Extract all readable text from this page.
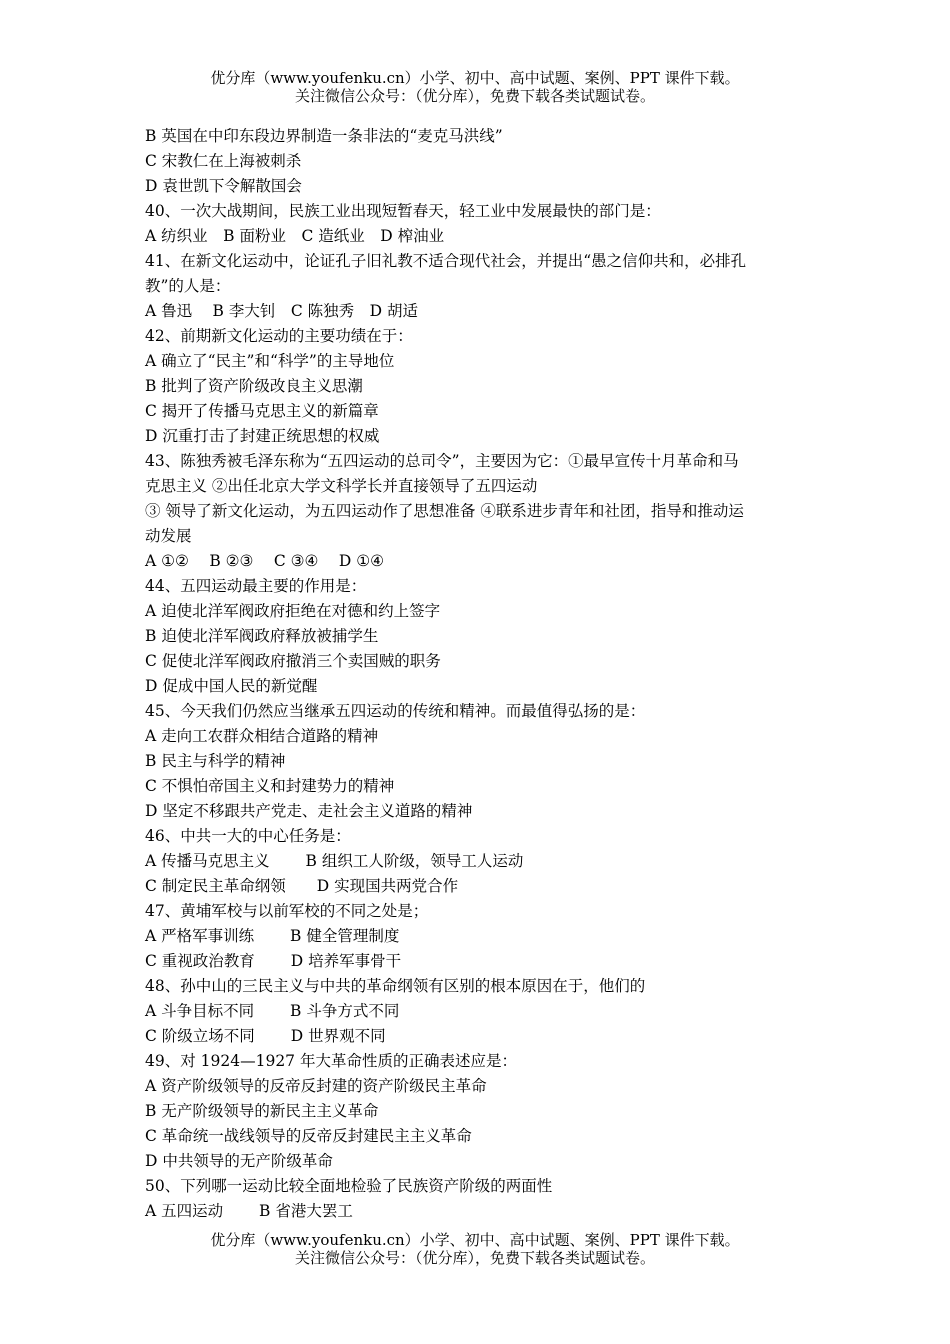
优分库（www.youfenku.cn）小学、初中、高中试题、案例、PPT 课件下载。
关注微信公众号：（优分库），免费下载各类试题试卷。
B 英国在中印东段边界制造一条非法的“麦克马洪线”
C 宋教仁在上海被刺杀
D 袁世凯下令解散国会
40、一次大战期间，民族工业出现短暂春天，轻工业中发展最快的部门是：
A 纺织业　B 面粉业　C 造纸业　D 榨油业
41、在新文化运动中，论证孔子旧礼教不适合现代社会，并提出“愚之信仰共和，必排孔
教”的人是：
A 鲁迅　 B 李大钊　C 陈独秀　D 胡适
42、前期新文化运动的主要功绩在于：
A 确立了“民主”和“科学”的主导地位
B 批判了资产阶级改良主义思潮
C 揭开了传播马克思主义的新篇章
D 沉重打击了封建正统思想的权威
43、陈独秀被毛泽东称为“五四运动的总司令”，主要因为它：①最早宣传十月革命和马
克思主义 ②出任北京大学文科学长并直接领导了五四运动
③ 领导了新文化运动，为五四运动作了思想准备 ④联系进步青年和社团，指导和推动运
动发展
A ①②　 B ②③　 C ③④　 D ①④
44、五四运动最主要的作用是：
A 迫使北洋军阀政府拒绝在对德和约上签字
B 迫使北洋军阀政府释放被捕学生
C 促使北洋军阀政府撤消三个卖国贼的职务
D 促成中国人民的新觉醒
45、今天我们仍然应当继承五四运动的传统和精神。而最值得弘扬的是：
A 走向工农群众相结合道路的精神
B 民主与科学的精神
C 不惧怕帝国主义和封建势力的精神
D 坚定不移跟共产党走、走社会主义道路的精神
46、中共一大的中心任务是：
A 传播马克思主义　　 B 组织工人阶级，领导工人运动
C 制定民主革命纲领　　D 实现国共两党合作
47、黄埔军校与以前军校的不同之处是；
A 严格军事训练　　 B 健全管理制度
C 重视政治教育　　 D 培养军事骨干
48、孙中山的三民主义与中共的革命纲领有区别的根本原因在于，他们的
A 斗争目标不同　　 B 斗争方式不同
C 阶级立场不同　　 D 世界观不同
49、对 1924—1927 年大革命性质的正确表述应是：
A 资产阶级领导的反帝反封建的资产阶级民主革命
B 无产阶级领导的新民主主义革命
C 革命统一战线领导的反帝反封建民主主义革命
D 中共领导的无产阶级革命
50、下列哪一运动比较全面地检验了民族资产阶级的两面性
A 五四运动　　 B 省港大罢工
优分库（www.youfenku.cn）小学、初中、高中试题、案例、PPT 课件下载。
关注微信公众号：（优分库），免费下载各类试题试卷。
